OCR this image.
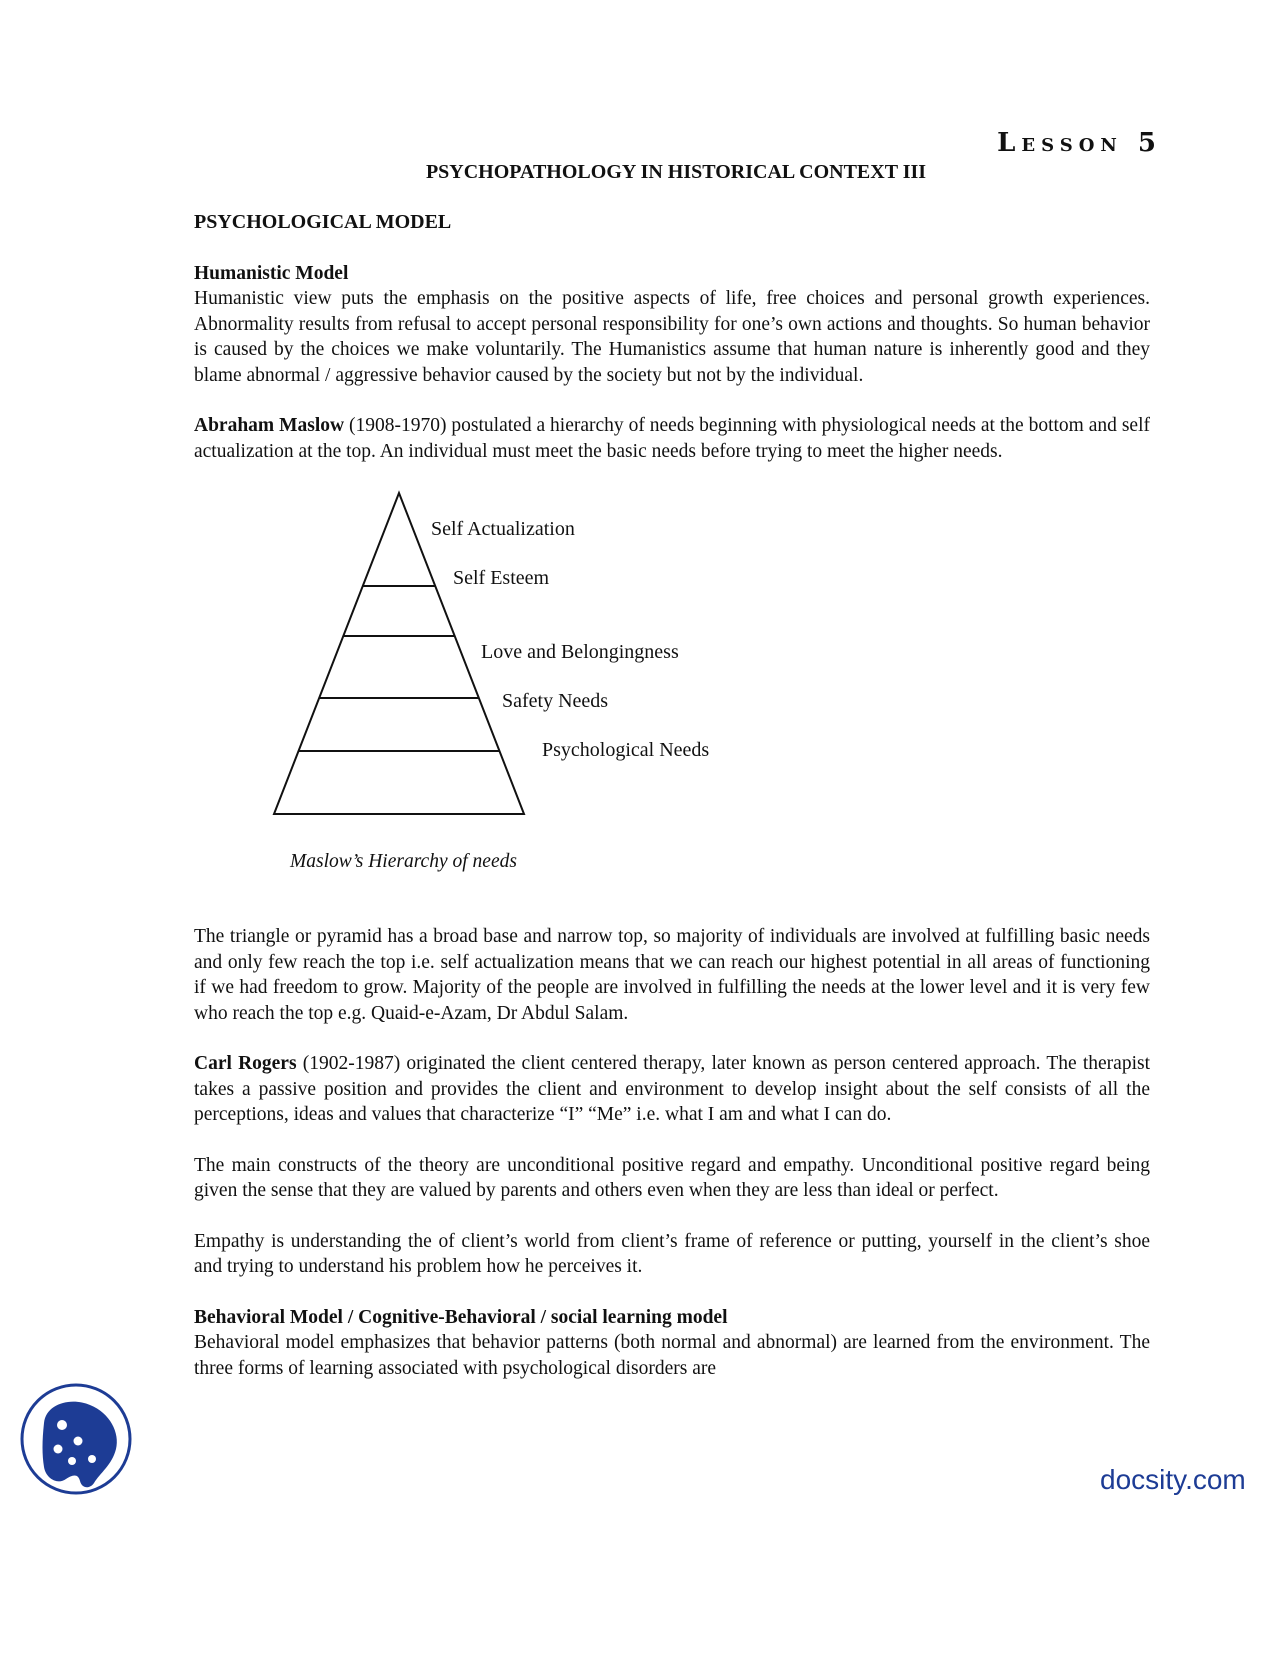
Lesson 5
PSYCHOPATHOLOGY IN HISTORICAL CONTEXT III
PSYCHOLOGICAL MODEL
Humanistic Model

Humanistic view puts the emphasis on the positive aspects of life, free choices and personal growth experiences. Abnormality results from refusal to accept personal responsibility for one’s own actions and thoughts. So human behavior is caused by the choices we make voluntarily. The Humanistics assume that human nature is inherently good and they blame abnormal / aggressive behavior caused by the society but not by the individual.

Abraham Maslow (1908-1970) postulated a hierarchy of needs beginning with physiological needs at the bottom and self actualization at the top. An individual must meet the basic needs before trying to meet the higher needs.

Self Actualization
Self Esteem
Love and Belongingness
Safety Needs
Psychological Needs
Maslow’s Hierarchy of needs

The triangle or pyramid has a broad base and narrow top, so majority of individuals are involved at fulfilling basic needs and only few reach the top i.e. self actualization means that we can reach our highest potential in all areas of functioning if we had freedom to grow. Majority of the people are involved in fulfilling the needs at the lower level and it is very few who reach the top e.g. Quaid-e-Azam, Dr Abdul Salam.

Carl Rogers (1902-1987) originated the client centered therapy, later known as person centered approach. The therapist takes a passive position and provides the client and environment to develop insight about the self consists of all the perceptions, ideas and values that characterize “I” “Me” i.e. what I am and what I can do.

The main constructs of the theory are unconditional positive regard and empathy. Unconditional positive regard being given the sense that they are valued by parents and others even when they are less than ideal or perfect.

Empathy is understanding the of client’s world from client’s frame of reference or putting, yourself in the client’s shoe and trying to understand his problem how he perceives it.

Behavioral Model / Cognitive-Behavioral / social learning model

Behavioral model emphasizes that behavior patterns (both normal and abnormal) are learned from the environment. The three forms of learning associated with psychological disorders are

docsity.com
